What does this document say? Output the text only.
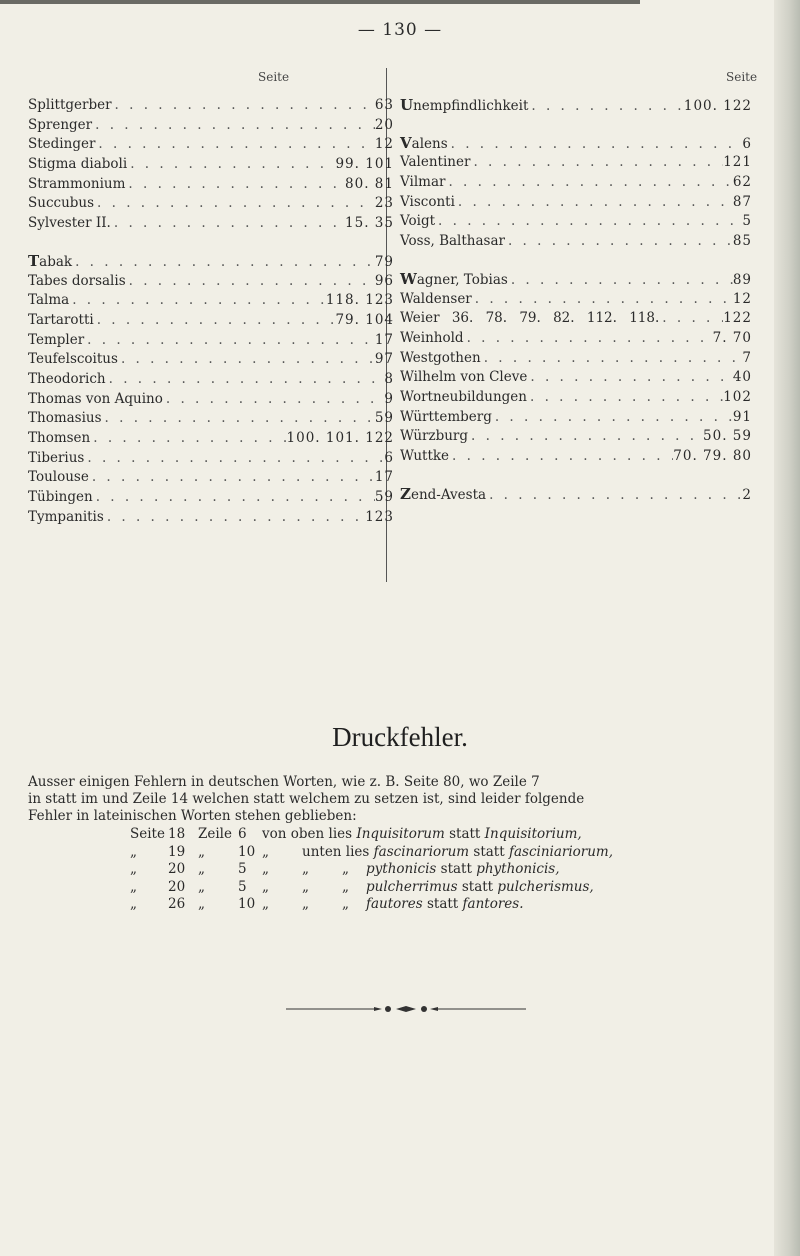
— 130 —
Seite	Seite
Splittgerber . . .	63
Sprenger . . .	20
Stedinger . . .	12
Stigma diaboli . . .	99. 101
Strammonium . . .	80. 81
Succubus . . .	23
Sylvester II. . . .	15. 35
Tabak . . .	79
Tabes dorsalis . . .	96
Talma . . .	118. 123
Tartarotti . . .	79. 104
Templer . . .	17
Teufelscoitus . . .	97
Theodorich . . .	8
Thomas von Aquino . . .	9
Thomasius . . .	59
Thomsen . . .	100. 101. 122
Tiberius . . .	6
Toulouse . . .	17
Tübingen . . .	59
Tympanitis . . .	123
Unempfindlichkeit . . .	100. 122
Valens . . .	6
Valentiner . . .	121
Vilmar . . .	62
Visconti . . .	87
Voigt . . .	5
Voss, Balthasar . . .	85
Wagner, Tobias . . .	89
Waldenser . . .	12
Weier 36. 78. 79. 82. 112. 118. . . .	122
Weinhold . . .	7. 70
Westgothen . . .	7
Wilhelm von Cleve . . .	40
Wortneubildungen . . .	102
Württemberg . . .	91
Würzburg . . .	50. 59
Wuttke . . .	70. 79. 80
Zend-Avesta . . .	2
Druckfehler.

Ausser einigen Fehlern in deutschen Worten, wie z. B. Seite 80, wo Zeile 7

in statt im und Zeile 14 welchen statt welchem zu setzen ist, sind leider folgende

Fehler in lateinischen Worten stehen geblieben:

Seite 18 Zeile 6 von oben lies Inquisitorum statt Inquisitorium,
„ 19 „ 10 „ unten lies fascinariorum statt fasciniariorum,
„ 20 „ 5 „ „ „ pythonicis statt phythonicis,
„ 20 „ 5 „ „ „ pulcherrimus statt pulcherismus,
„ 26 „ 10 „ „ „ fautores statt fantores.
